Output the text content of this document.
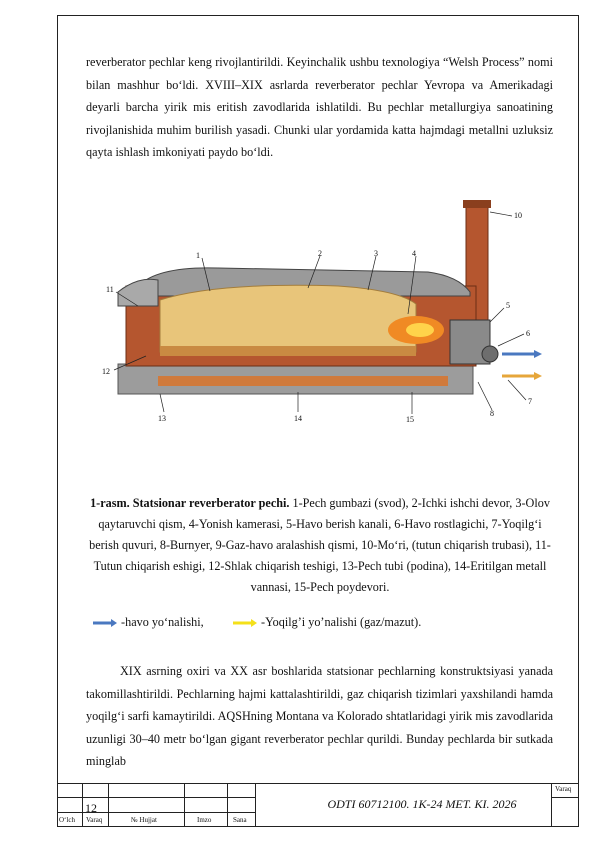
reverberator pechlar keng rivojlantirildi. Keyinchalik ushbu texnologiya “Welsh Process” nomi bilan mashhur bo‘ldi. XVIII–XIX asrlarda reverberator pechlar Yevropa va Amerikadagi deyarli barcha yirik mis eritish zavodlarida ishlatildi. Bu pechlar metallurgiya sanoatining rivojlanishida muhim burilish yasadi. Chunki ular yordamida katta hajmdagi metallni uzluksiz qayta ishlash imkoniyati paydo bo‘ldi.
1	2	3	4
5
6
7
8
10
11
12
13	14	15
1-rasm. Statsionar reverberator pechi. 1-Pech gumbazi (svod), 2-Ichki ishchi devor, 3-Olov qaytaruvchi qism, 4-Yonish kamerasi, 5-Havo berish kanali, 6-Havo rostlagichi, 7-Yoqilg‘i berish quvuri, 8-Burnyer, 9-Gaz-havo aralashish qismi, 10-Mo‘ri, (tutun chiqarish trubasi), 11-Tutun chiqarish eshigi, 12-Shlak chiqarish teshigi, 13-Pech tubi (podina), 14-Eritilgan metall vannasi, 15-Pech poydevori.
-havo yo‘nalishi,	-Yoqilg’i yo’nalishi (gaz/mazut).
XIX asrning oxiri va XX asr boshlarida statsionar pechlarning konstruktsiyasi yanada takomillashtirildi. Pechlarning hajmi kattalashtirildi, gaz chiqarish tizimlari yaxshilandi hamda yoqilg‘i sarfi kamaytirildi. AQSHning Montana va Kolorado shtatlaridagi yirik mis zavodlarida uzunligi 30–40 metr bo‘lgan gigant reverberator pechlar qurildi. Bunday pechlarda bir sutkada minglab
12	ODTI 60712100. 1K-24 MET. KI. 2026
Varaq
O‘lch Varaq	№ Hujjat	Imzo	Sana
